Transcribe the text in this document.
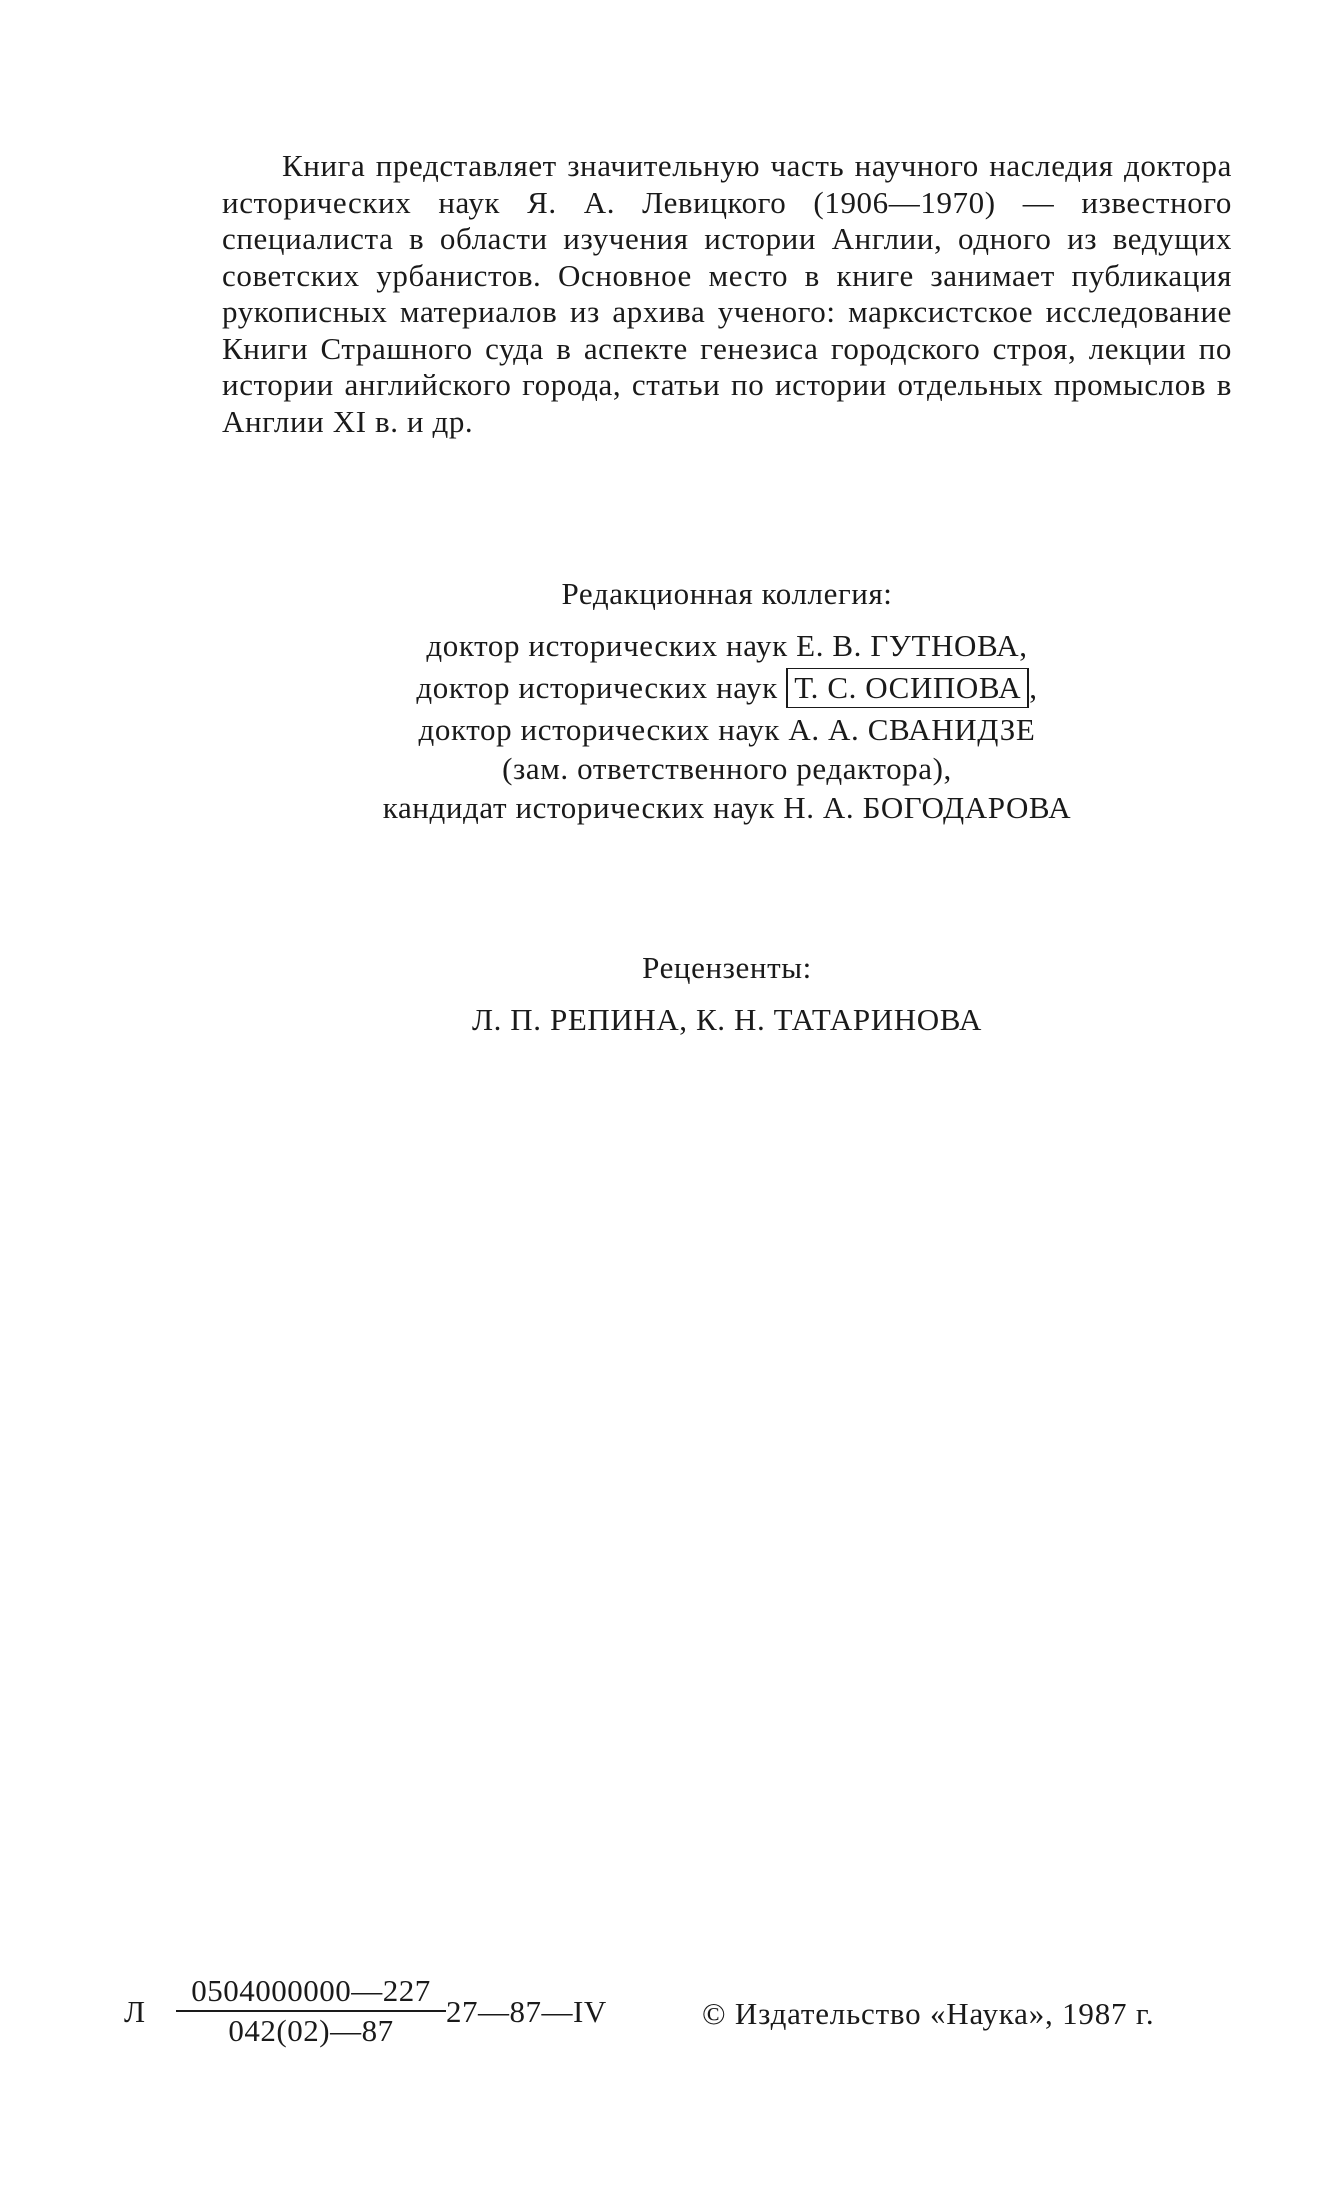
Книга представляет значительную часть научного наследия доктора исторических наук Я. А. Левицкого (1906—1970) — известного специалиста в области изучения истории Англии, одного из ведущих советских урбанистов. Основное место в книге занимает публикация рукописных материалов из архива ученого: марксистское исследование Книги Страшного суда в аспекте генезиса городского строя, лекции по истории английского города, статьи по истории отдельных промыслов в Англии XI в. и др.

Редакционная коллегия:
доктор исторических наук Е. В. ГУТНОВА,
доктор исторических наук Т. С. ОСИПОВА ,
доктор исторических наук А. А. СВАНИДЗЕ
(зам. ответственного редактора),
кандидат исторических наук Н. А. БОГОДАРОВА
Рецензенты:
Л. П. РЕПИНА, К. Н. ТАТАРИНОВА
Л $\frac{0504000000—227}{042(02)—87}$ 27—87—IV	© Издательство «Наука», 1987 г.
